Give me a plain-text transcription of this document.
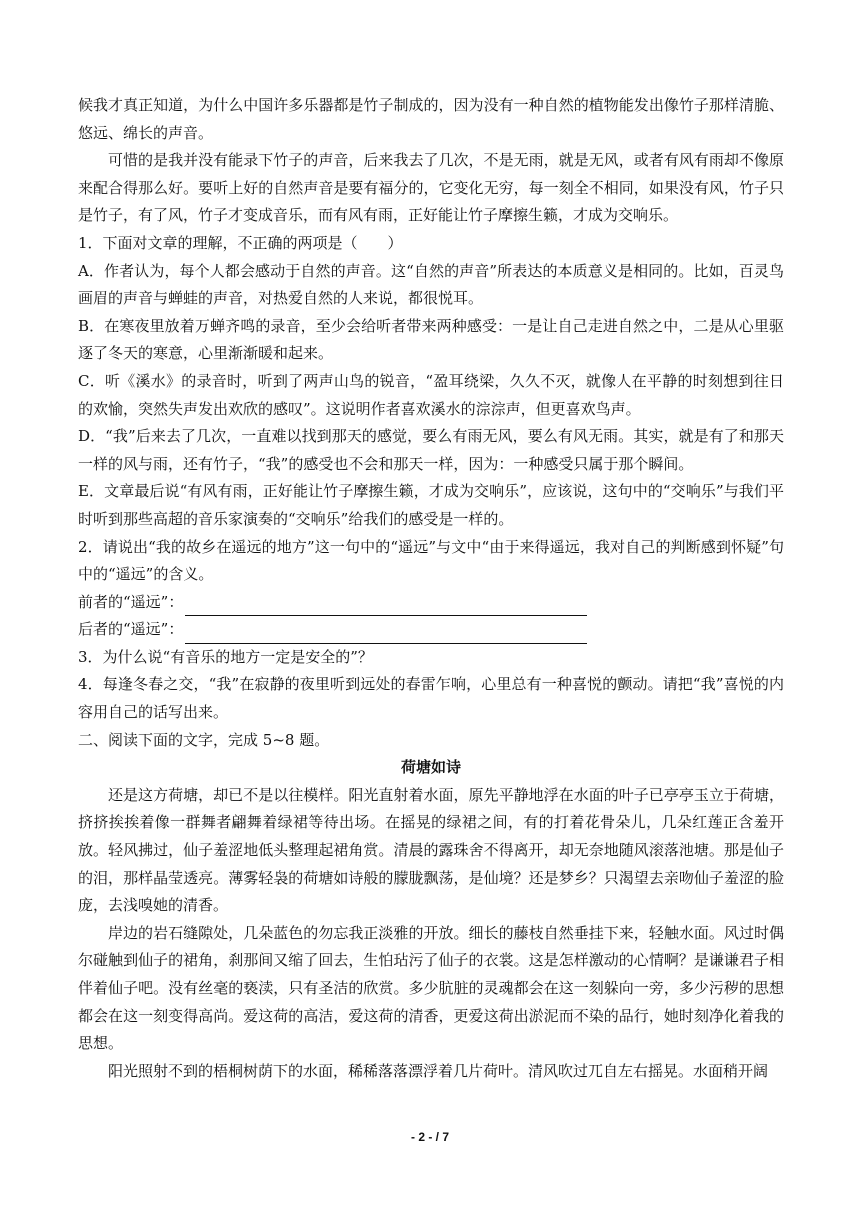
候我才真正知道，为什么中国许多乐器都是竹子制成的，因为没有一种自然的植物能发出像竹子那样清脆、悠远、绵长的声音。

可惜的是我并没有能录下竹子的声音，后来我去了几次，不是无雨，就是无风，或者有风有雨却不像原来配合得那么好。要听上好的自然声音是要有福分的，它变化无穷，每一刻全不相同，如果没有风，竹子只是竹子，有了风，竹子才变成音乐，而有风有雨，正好能让竹子摩擦生籁，才成为交响乐。

1．下面对文章的理解，不正确的两项是（　　）

A．作者认为，每个人都会感动于自然的声音。这“自然的声音”所表达的本质意义是相同的。比如，百灵鸟画眉的声音与蝉蛙的声音，对热爱自然的人来说，都很悦耳。

B．在寒夜里放着万蝉齐鸣的录音，至少会给听者带来两种感受：一是让自己走进自然之中，二是从心里驱逐了冬天的寒意，心里渐渐暖和起来。

C．听《溪水》的录音时，听到了两声山鸟的锐音，“盈耳绕梁，久久不灭，就像人在平静的时刻想到往日的欢愉，突然失声发出欢欣的感叹”。这说明作者喜欢溪水的淙淙声，但更喜欢鸟声。

D．“我”后来去了几次，一直难以找到那天的感觉，要么有雨无风，要么有风无雨。其实，就是有了和那天一样的风与雨，还有竹子，“我”的感受也不会和那天一样，因为：一种感受只属于那个瞬间。

E．文章最后说“有风有雨，正好能让竹子摩擦生籁，才成为交响乐”，应该说，这句中的“交响乐”与我们平时听到那些高超的音乐家演奏的“交响乐”给我们的感受是一样的。

2．请说出“我的故乡在遥远的地方”这一句中的“遥远”与文中“由于来得遥远，我对自己的判断感到怀疑”句中的“遥远”的含义。

前者的“遥远”：
后者的“遥远”：

3．为什么说“有音乐的地方一定是安全的”？

4．每逢冬春之交，“我”在寂静的夜里听到远处的春雷乍响，心里总有一种喜悦的颤动。请把“我”喜悦的内容用自己的话写出来。

二、阅读下面的文字，完成 5~8 题。

荷塘如诗

还是这方荷塘，却已不是以往模样。阳光直射着水面，原先平静地浮在水面的叶子已亭亭玉立于荷塘，挤挤挨挨着像一群舞者翩舞着绿裙等待出场。在摇晃的绿裙之间，有的打着花骨朵儿，几朵红莲正含羞开放。轻风拂过，仙子羞涩地低头整理起裙角赏。清晨的露珠舍不得离开，却无奈地随风滚落池塘。那是仙子的泪，那样晶莹透亮。薄雾轻袅的荷塘如诗般的朦胧飘荡，是仙境？还是梦乡？只渴望去亲吻仙子羞涩的脸庞，去浅嗅她的清香。

岸边的岩石缝隙处，几朵蓝色的勿忘我正淡雅的开放。细长的藤枝自然垂挂下来，轻触水面。风过时偶尔碰触到仙子的裙角，刹那间又缩了回去，生怕玷污了仙子的衣裳。这是怎样激动的心情啊？是谦谦君子相伴着仙子吧。没有丝毫的亵渎，只有圣洁的欣赏。多少肮脏的灵魂都会在这一刻躲向一旁，多少污秽的思想都会在这一刻变得高尚。爱这荷的高洁，爱这荷的清香，更爱这荷出淤泥而不染的品行，她时刻净化着我的思想。

阳光照射不到的梧桐树荫下的水面，稀稀落落漂浮着几片荷叶。清风吹过兀自左右摇晃。水面稍开阔

- 2 - / 7
